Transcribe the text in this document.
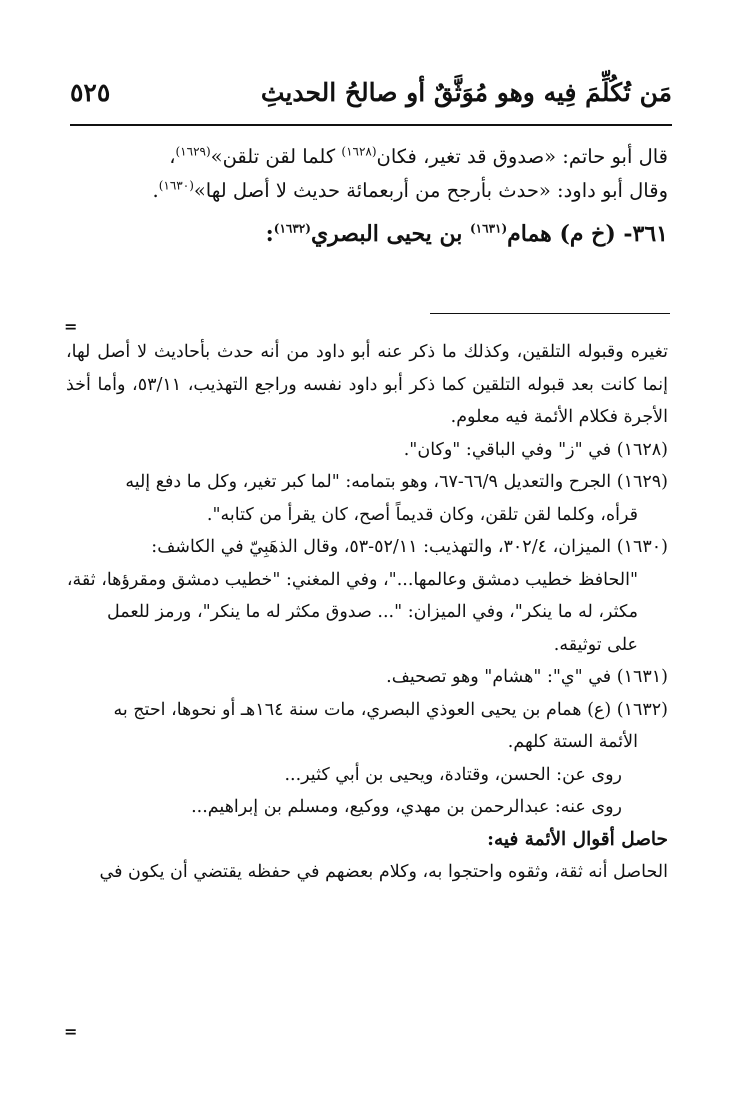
مَن تُكُلِّمَ فِيه وهو مُوَثَّقٌ أو صالحُ الحديثِ
٥٢٥

قال أبو حاتم: «صدوق قد تغير، فكان$^{(١٦٢٨)}$ كلما لقن تلقن»$^{(١٦٢٩)}$،

وقال أبو داود: «حدث بأرجح من أربعمائة حديث لا أصل لها»$^{(١٦٣٠)}$.

٣٦١- (خ م) همام$^{(١٦٣١)}$ بن يحيى البصري$^{(١٦٣٢)}$:

=

تغيره وقبوله التلقين، وكذلك ما ذكر عنه أبو داود من أنه حدث بأحاديث لا أصل لها، إنما كانت بعد قبوله التلقين كما ذكر أبو داود نفسه وراجع التهذيب، ٥٣/١١، وأما أخذ الأجرة فكلام الأئمة فيه معلوم.

(١٦٢٨) في "ز" وفي الباقي: "وكان".

(١٦٢٩) الجرح والتعديل ٦٦/٩-٦٧، وهو بتمامه: "لما كبر تغير، وكل ما دفع إليه

قرأه، وكلما لقن تلقن، وكان قديماً أصح، كان يقرأ من كتابه".

(١٦٣٠) الميزان، ٣٠٢/٤، والتهذيب: ٥٢/١١-٥٣، وقال الذهَبِيّ في الكاشف:

"الحافظ خطيب دمشق وعالمها..."، وفي المغني: "خطيب دمشق ومقرؤها، ثقة،

مكثر، له ما ينكر"، وفي الميزان: "... صدوق مكثر له ما ينكر"، ورمز للعمل

على توثيقه.

(١٦٣١) في "ي": "هشام" وهو تصحيف.

(١٦٣٢) (ع) همام بن يحيى العوذي البصري، مات سنة ١٦٤هـ أو نحوها، احتج به

الأئمة الستة كلهم.

روى عن: الحسن، وقتادة، ويحيى بن أبي كثير...

روى عنه: عبدالرحمن بن مهدي، ووكيع، ومسلم بن إبراهيم...

حاصل أقوال الأئمة فيه:

الحاصل أنه ثقة، وثقوه واحتجوا به، وكلام بعضهم في حفظه يقتضي أن يكون في

=
